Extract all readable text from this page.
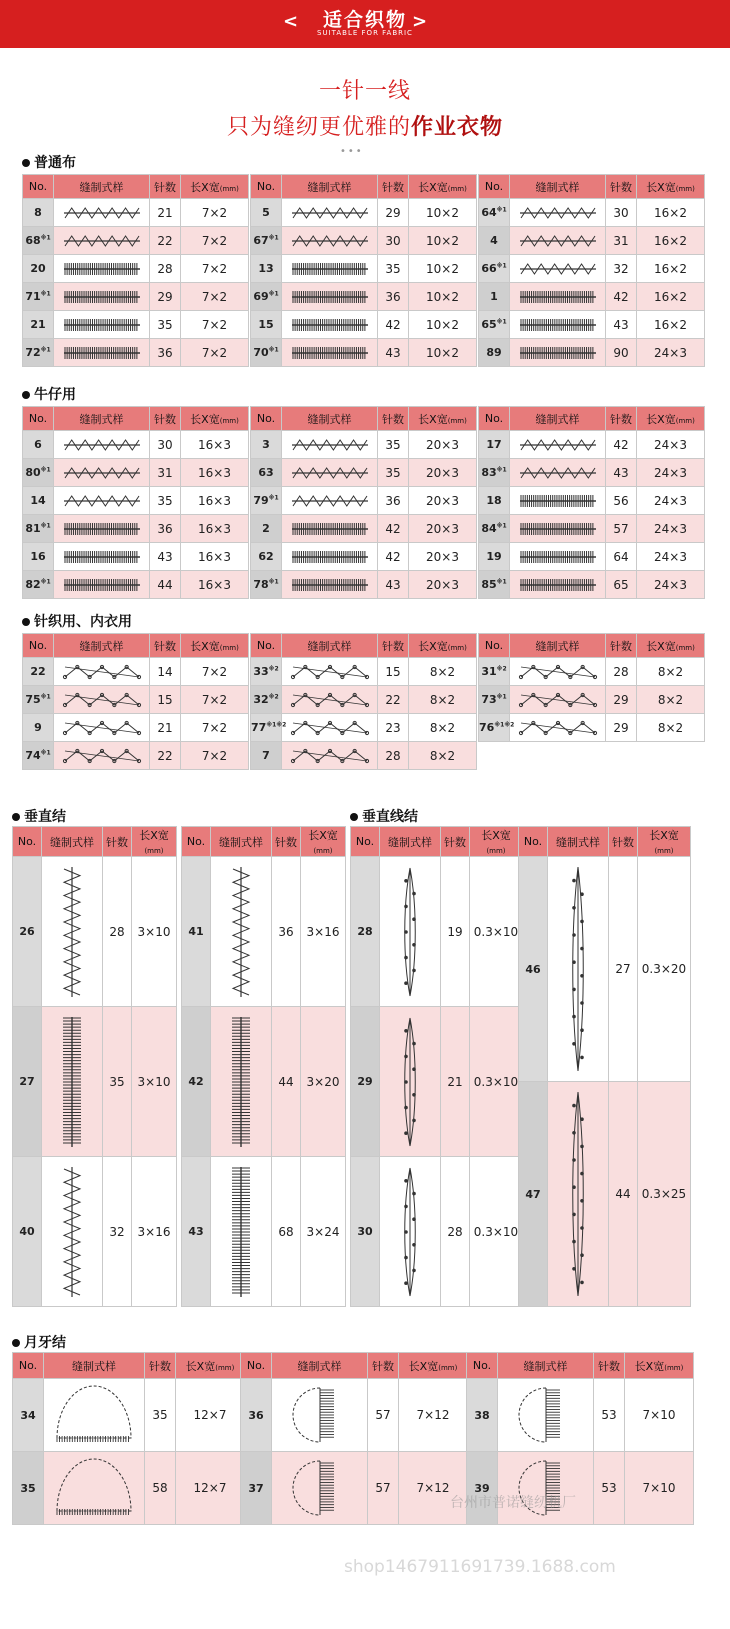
<	适合织物
SUITABLE FOR FABRIC
>
一针一线
只为缝纫更优雅的作业衣物
•••
普通布
No.	缝制式样	针数	长X宽(mm)
8		21	7×2
68$^{※1}$		22	7×2
20		28	7×2
71$^{※1}$		29	7×2
21		35	7×2
72$^{※1}$		36	7×2
No.	缝制式样	针数	长X宽(mm)
5		29	10×2
67$^{※1}$		30	10×2
13		35	10×2
69$^{※1}$		36	10×2
15		42	10×2
70$^{※1}$		43	10×2
No.	缝制式样	针数	长X宽(mm)
64$^{※1}$		30	16×2
4		31	16×2
66$^{※1}$		32	16×2
1		42	16×2
65$^{※1}$		43	16×2
89		90	24×3
牛仔用
No.	缝制式样	针数	长X宽(mm)
6		30	16×3
80$^{※1}$		31	16×3
14		35	16×3
81$^{※1}$		36	16×3
16		43	16×3
82$^{※1}$		44	16×3
No.	缝制式样	针数	长X宽(mm)
3		35	20×3
63		35	20×3
79$^{※1}$		36	20×3
2		42	20×3
62		42	20×3
78$^{※1}$		43	20×3
No.	缝制式样	针数	长X宽(mm)
17		42	24×3
83$^{※1}$		43	24×3
18		56	24×3
84$^{※1}$		57	24×3
19		64	24×3
85$^{※1}$		65	24×3
针织用、内衣用
No.	缝制式样	针数	长X宽(mm)
22		14	7×2
75$^{※1}$		15	7×2
9		21	7×2
74$^{※1}$		22	7×2
No.	缝制式样	针数	长X宽(mm)
33$^{※2}$		15	8×2
32$^{※2}$		22	8×2
$77^{※1※2}$		23	8×2
7		28	8×2
No.	缝制式样	针数	长X宽(mm)
31$^{※2}$		28	8×2
73$^{※1}$		29	8×2
$76^{※1※2}$		29	8×2
垂直结
No.	缝制式样	针数	长X宽
(mm)
26		28	3×10
27		35	3×10
40		32	3×16
No.	缝制式样	针数	长X宽
(mm)
41		36	3×16
42		44	3×20
43		68	3×24
垂直线结
No.	缝制式样	针数	长X宽
(mm)
28		19	0.3×10
29		21	0.3×10
30		28	0.3×10
No.	缝制式样	针数	长X宽
(mm)
46		27	0.3×20
47		44	0.3×25
月牙结
No.	缝制式样	针数	长X宽(mm)
34		35	12×7
35		58	12×7
No.	缝制式样	针数	长X宽(mm)
36		57	7×12
37		57	7×12
No.	缝制式样	针数	长X宽(mm)
38		53	7×10
39		53	7×10
台州市普诺缝纫机厂
shop1467911691739.1688.com
